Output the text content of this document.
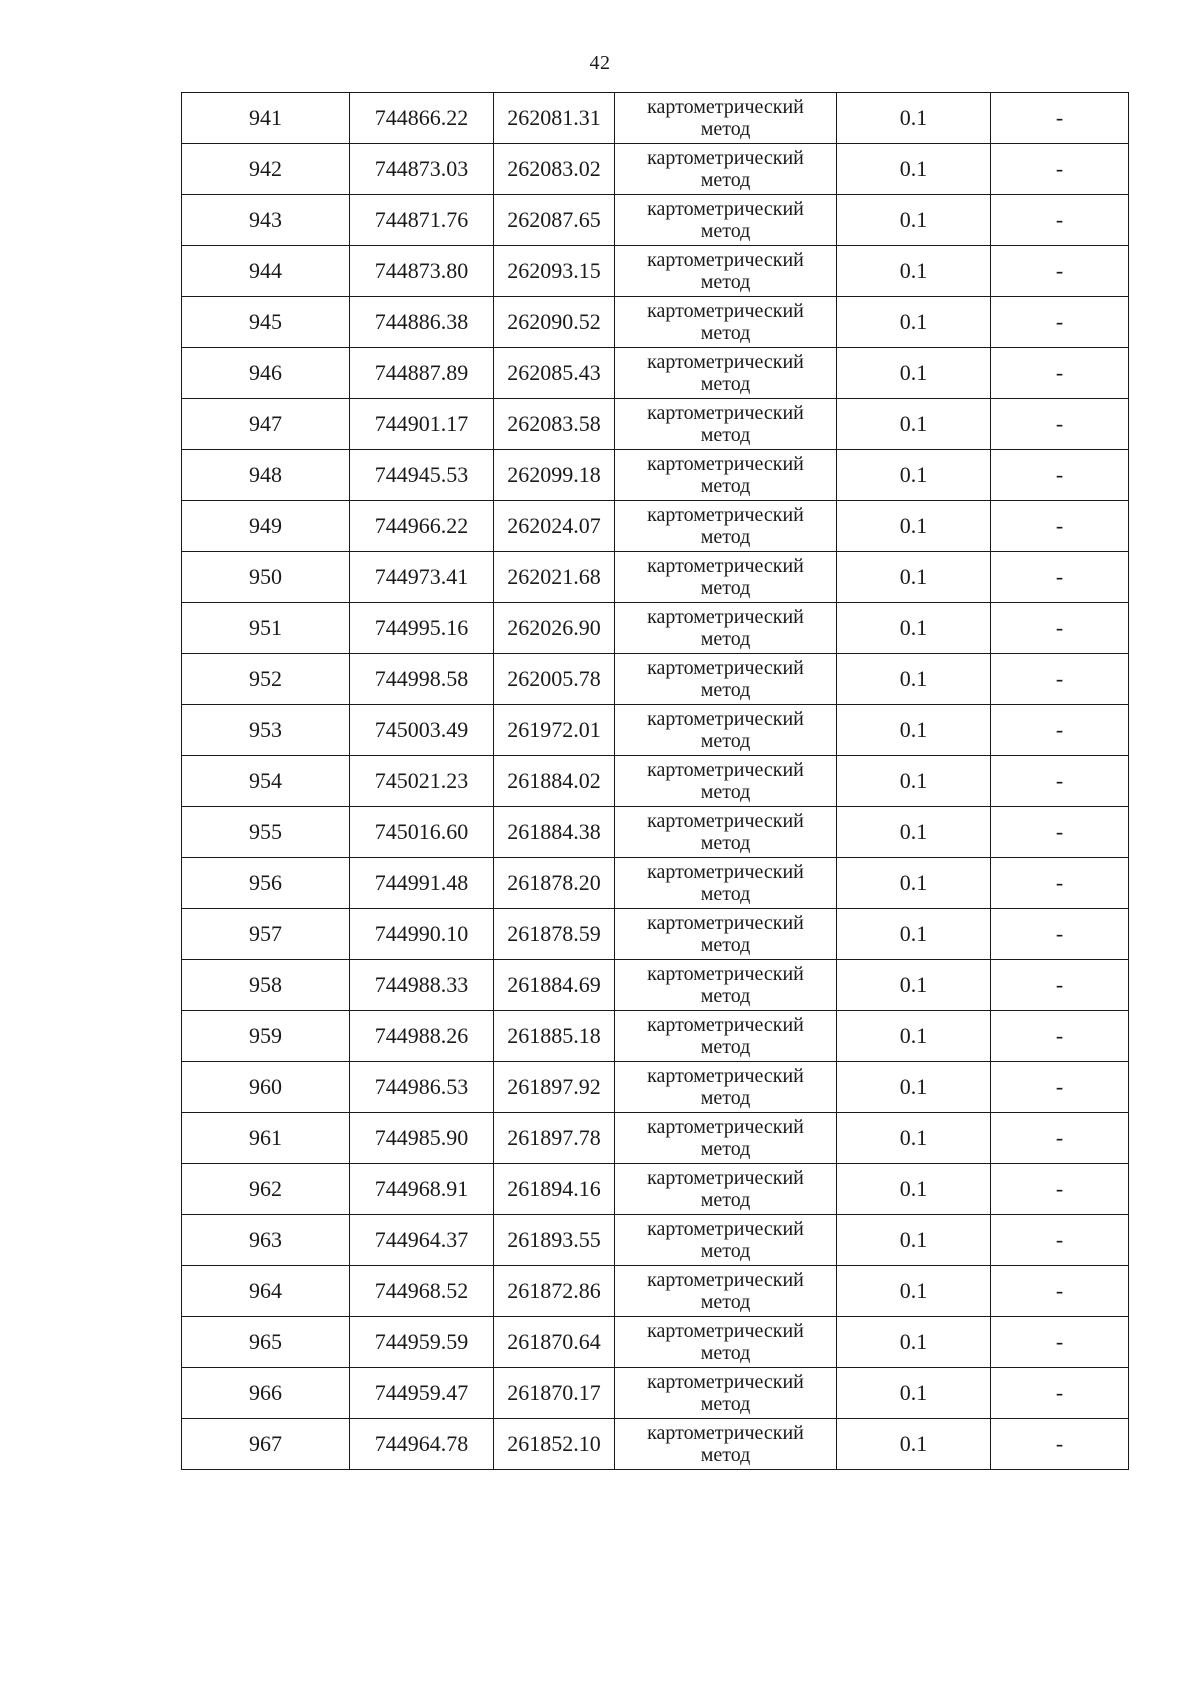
42
941	744866.22	262081.31	картометрический
метод	0.1	-
942	744873.03	262083.02	картометрический
метод	0.1	-
943	744871.76	262087.65	картометрический
метод	0.1	-
944	744873.80	262093.15	картометрический
метод	0.1	-
945	744886.38	262090.52	картометрический
метод	0.1	-
946	744887.89	262085.43	картометрический
метод	0.1	-
947	744901.17	262083.58	картометрический
метод	0.1	-
948	744945.53	262099.18	картометрический
метод	0.1	-
949	744966.22	262024.07	картометрический
метод	0.1	-
950	744973.41	262021.68	картометрический
метод	0.1	-
951	744995.16	262026.90	картометрический
метод	0.1	-
952	744998.58	262005.78	картометрический
метод	0.1	-
953	745003.49	261972.01	картометрический
метод	0.1	-
954	745021.23	261884.02	картометрический
метод	0.1	-
955	745016.60	261884.38	картометрический
метод	0.1	-
956	744991.48	261878.20	картометрический
метод	0.1	-
957	744990.10	261878.59	картометрический
метод	0.1	-
958	744988.33	261884.69	картометрический
метод	0.1	-
959	744988.26	261885.18	картометрический
метод	0.1	-
960	744986.53	261897.92	картометрический
метод	0.1	-
961	744985.90	261897.78	картометрический
метод	0.1	-
962	744968.91	261894.16	картометрический
метод	0.1	-
963	744964.37	261893.55	картометрический
метод	0.1	-
964	744968.52	261872.86	картометрический
метод	0.1	-
965	744959.59	261870.64	картометрический
метод	0.1	-
966	744959.47	261870.17	картометрический
метод	0.1	-
967	744964.78	261852.10	картометрический
метод	0.1	-
